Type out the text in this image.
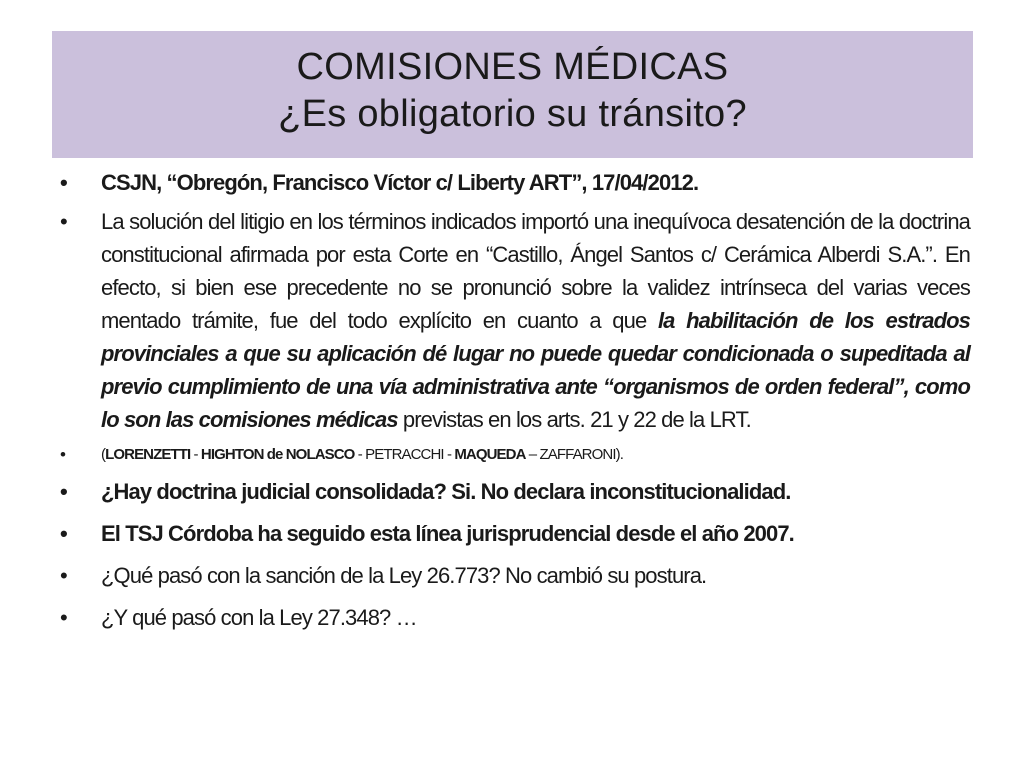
COMISIONES MÉDICAS
¿Es obligatorio su tránsito?
• CSJN, “Obregón, Francisco Víctor c/ Liberty ART”, 17/04/2012.
• La solución del litigio en los términos indicados importó una inequívoca desatención de la doctrina constitucional afirmada por esta Corte en “Castillo, Ángel Santos c/ Cerámica Alberdi S.A.”. En efecto, si bien ese precedente no se pronunció sobre la validez intrínseca del varias veces mentado trámite, fue del todo explícito en cuanto a que la habilitación de los estrados provinciales a que su aplicación dé lugar no puede quedar condicionada o supeditada al previo cumplimiento de una vía administrativa ante “organismos de orden federal”, como lo son las comisiones médicas previstas en los arts. 21 y 22 de la LRT.
• (LORENZETTI - HIGHTON de NOLASCO - PETRACCHI - MAQUEDA – ZAFFARONI).
• ¿Hay doctrina judicial consolidada? Si. No declara inconstitucionalidad.
• El TSJ Córdoba ha seguido esta línea jurisprudencial desde el año 2007.
• ¿Qué pasó con la sanción de la Ley 26.773? No cambió su postura.
• ¿Y qué pasó con la Ley 27.348? …
